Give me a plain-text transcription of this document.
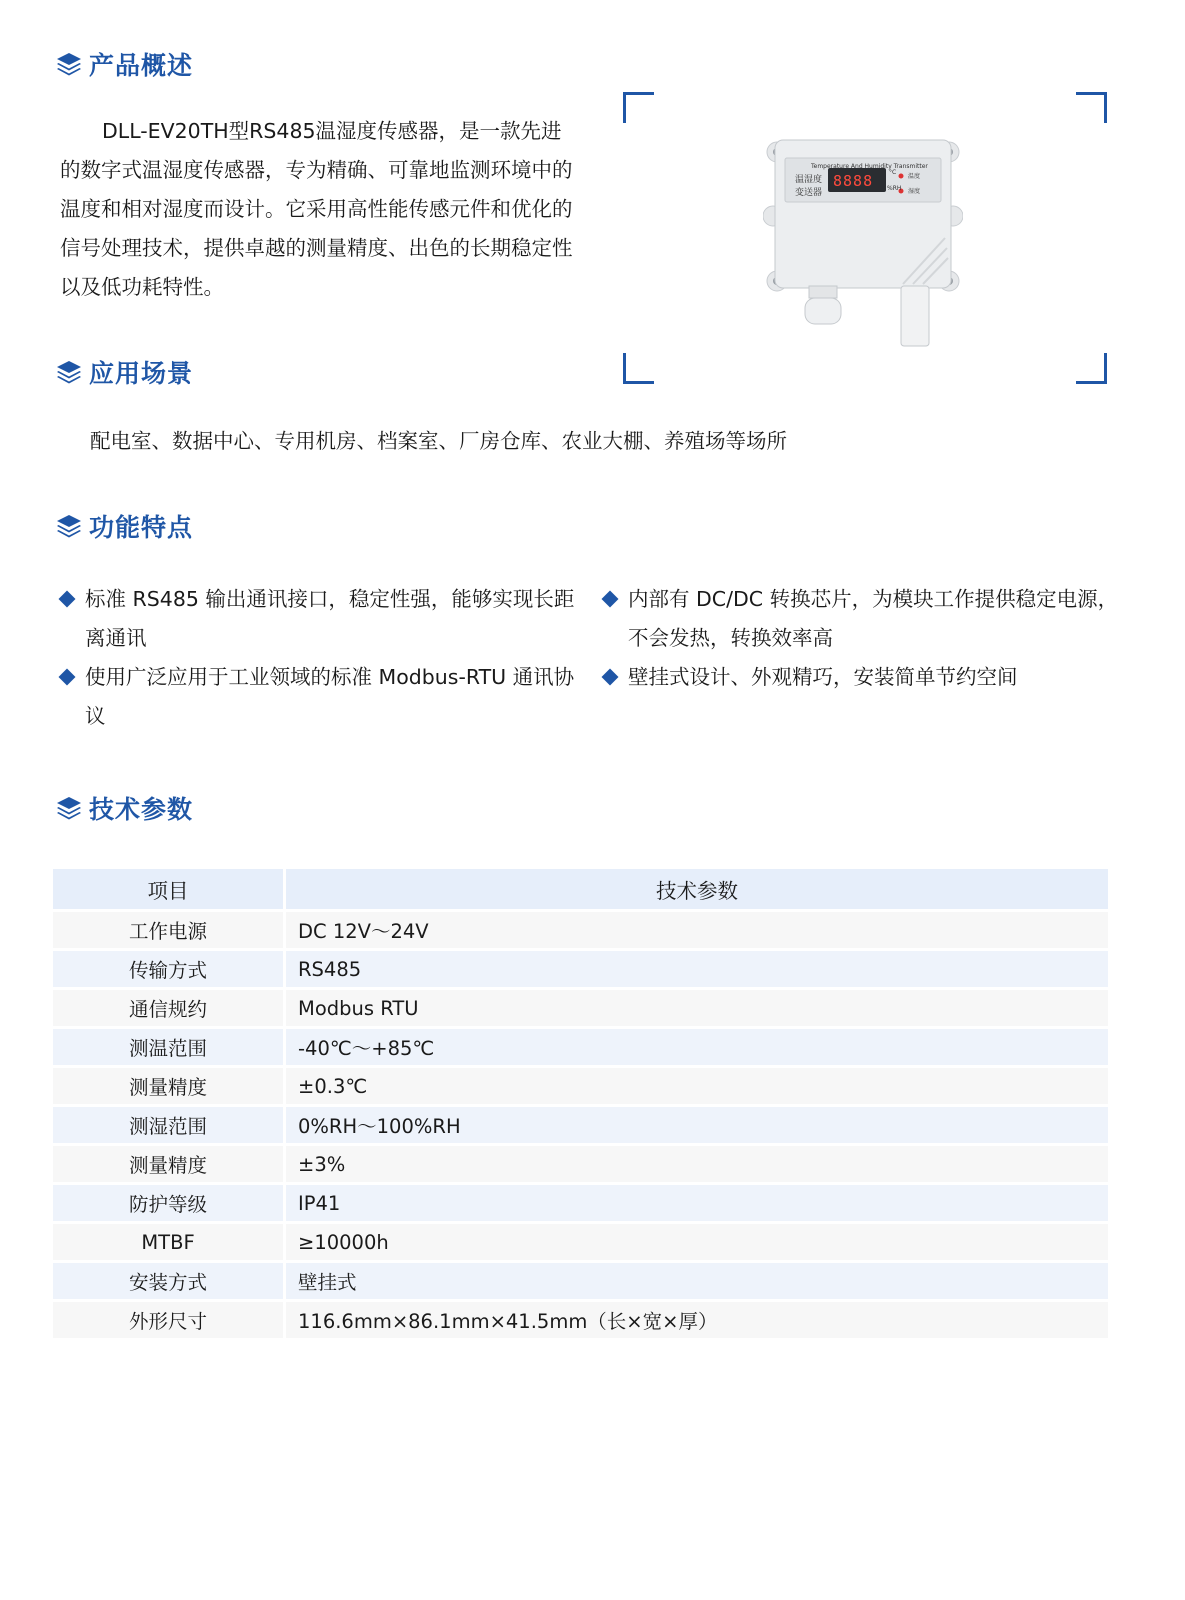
产品概述
DLL-EV20TH型RS485温湿度传感器，是一款先进的数字式温湿度传感器，专为精确、可靠地监测环境中的温度和相对湿度而设计。它采用高性能传感元件和优化的信号处理技术，提供卓越的测量精度、出色的长期稳定性以及低功耗特性。
Temperature And Humidity Transmitter
温湿度
变送器
8888	°C
%RH
温度
湿度
应用场景
配电室、数据中心、专用机房、档案室、厂房仓库、农业大棚、养殖场等场所
功能特点
标准 RS485 输出通讯接口，稳定性强，能够实现长距离通讯
内部有 DC/DC 转换芯片，为模块工作提供稳定电源，不会发热，转换效率高
使用广泛应用于工业领域的标准 Modbus-RTU 通讯协议
壁挂式设计、外观精巧，安装简单节约空间
技术参数
项目	技术参数
工作电源	DC 12V～24V
传输方式	RS485
通信规约	Modbus RTU
测温范围	-40℃～+85℃
测量精度	±0.3℃
测湿范围	0%RH～100%RH
测量精度	±3%
防护等级	IP41
MTBF	≥10000h
安装方式	壁挂式
外形尺寸	116.6mm×86.1mm×41.5mm（长×宽×厚）
